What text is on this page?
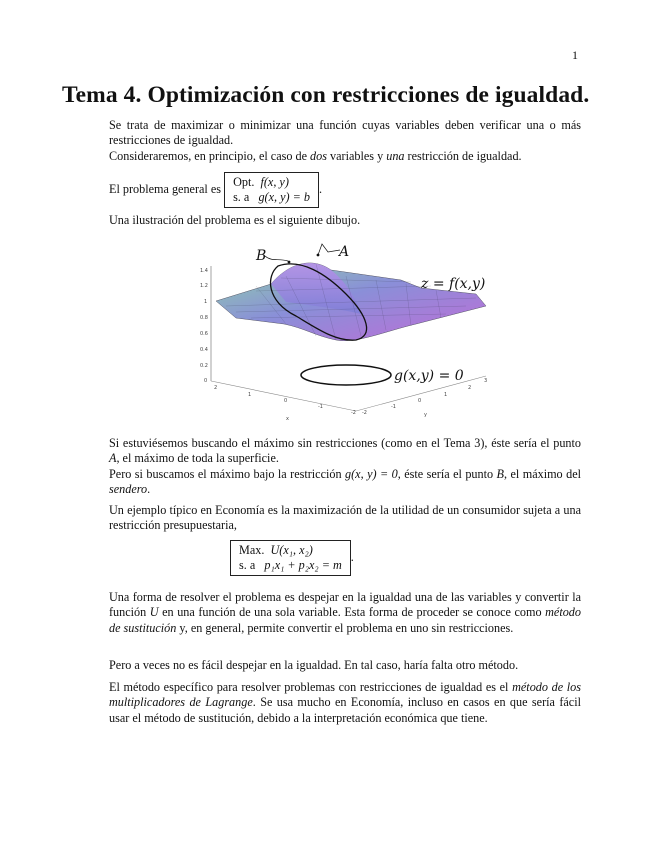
1
Tema 4. Optimización con restricciones de igualdad.

Se trata de maximizar o minimizar una función cuyas variables deben verificar una o más restricciones de igualdad.

Consideraremos, en principio, el caso de dos variables y una restricción de igualdad.

El problema general es Opt. f(x, y)
s. a g(x, y) = b
.

Una ilustración del problema es el siguiente dibujo.

1.4
1.2
1
0.8
0.6
0.4
0.2
0
2
1
0
-1
-2
x
-2
-1
0
1
2
3
y
B	A
z = f(x,y)
g(x,y) = 0

Si estuviésemos buscando el máximo sin restricciones (como en el Tema 3), éste sería el punto A, el máximo de toda la superficie.

Pero si buscamos el máximo bajo la restricción g(x, y) = 0, éste sería el punto B, el máximo del sendero.

Un ejemplo típico en Economía es la maximización de la utilidad de un consumidor sujeta a una restricción presupuestaria,

Max. U(x₁, x₂)
s. a p₁x₁ + p₂x₂ = m
.

Una forma de resolver el problema es despejar en la igualdad una de las variables y convertir la función U en una función de una sola variable. Esta forma de proceder se conoce como método de sustitución y, en general, permite convertir el problema en uno sin restricciones.

Pero a veces no es fácil despejar en la igualdad. En tal caso, haría falta otro método.

El método específico para resolver problemas con restricciones de igualdad es el método de los multiplicadores de Lagrange. Se usa mucho en Economía, incluso en casos en que sería fácil usar el método de sustitución, debido a la interpretación económica que tiene.
